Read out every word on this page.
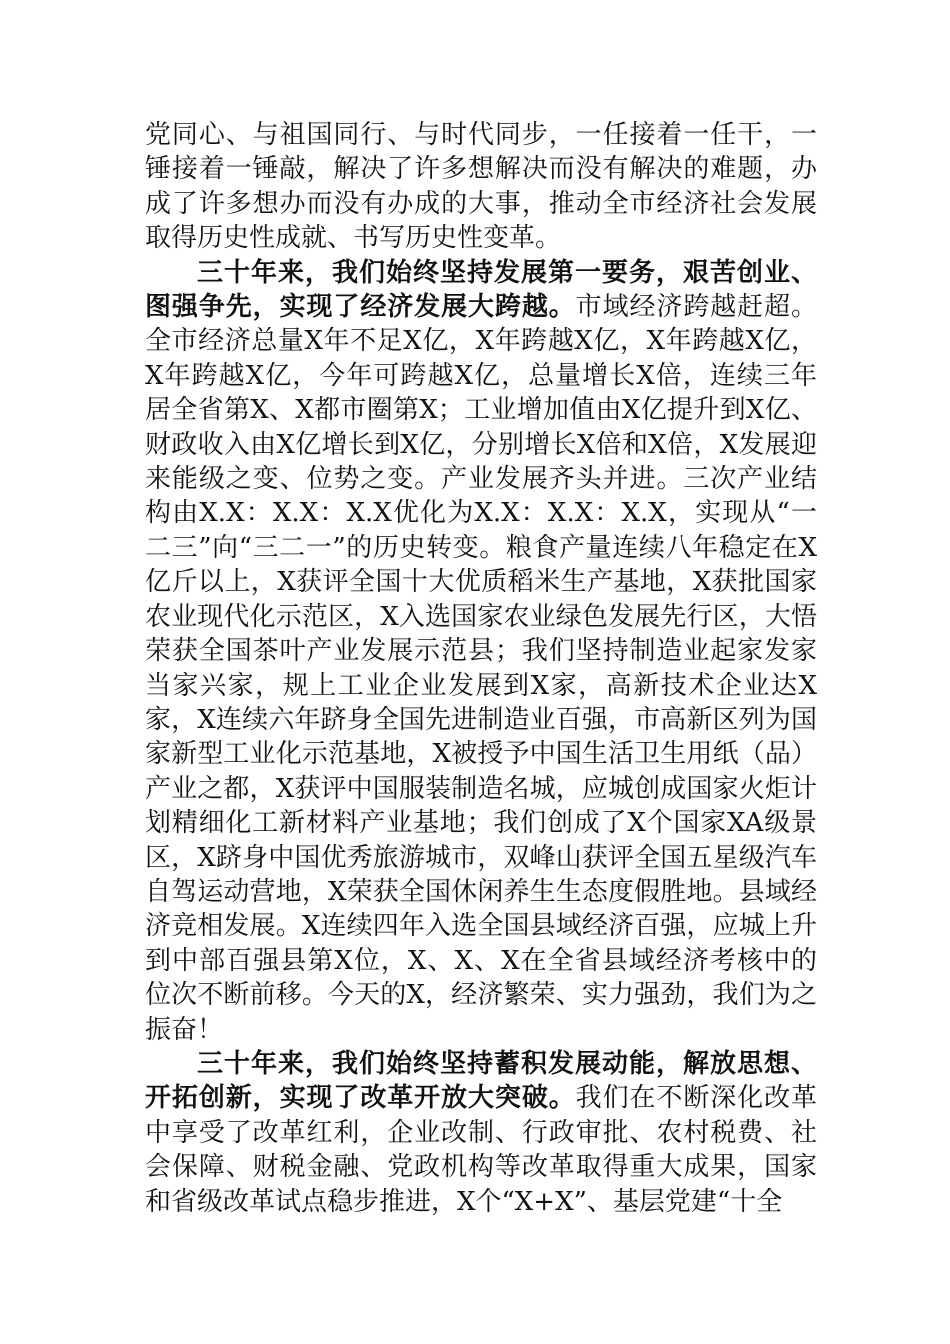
党同心、与祖国同行、与时代同步，一任接着一任干，一锤接着一锤敲，解决了许多想解决而没有解决的难题，办成了许多想办而没有办成的大事，推动全市经济社会发展取得历史性成就、书写历史性变革。

三十年来，我们始终坚持发展第一要务，艰苦创业、图强争先，实现了经济发展大跨越。市域经济跨越赶超。全市经济总量X年不足X亿，X年跨越X亿，X年跨越X亿，X年跨越X亿，今年可跨越X亿，总量增长X倍，连续三年居全省第X、X都市圈第X；工业增加值由X亿提升到X亿、财政收入由X亿增长到X亿，分别增长X倍和X倍，X发展迎来能级之变、位势之变。产业发展齐头并进。三次产业结构由X.X：X.X：X.X优化为X.X：X.X：X.X，实现从“一二三”向“三二一”的历史转变。粮食产量连续八年稳定在X亿斤以上，X获评全国十大优质稻米生产基地，X获批国家农业现代化示范区，X入选国家农业绿色发展先行区，大悟荣获全国茶叶产业发展示范县；我们坚持制造业起家发家当家兴家，规上工业企业发展到X家，高新技术企业达X家，X连续六年跻身全国先进制造业百强，市高新区列为国家新型工业化示范基地，X被授予中国生活卫生用纸（品）产业之都，X获评中国服装制造名城，应城创成国家火炬计划精细化工新材料产业基地；我们创成了X个国家XA级景区，X跻身中国优秀旅游城市，双峰山获评全国五星级汽车自驾运动营地，X荣获全国休闲养生生态度假胜地。县域经济竞相发展。X连续四年入选全国县域经济百强，应城上升到中部百强县第X位，X、X、X在全省县域经济考核中的位次不断前移。今天的X，经济繁荣、实力强劲，我们为之振奋！

三十年来，我们始终坚持蓄积发展动能，解放思想、开拓创新，实现了改革开放大突破。我们在不断深化改革中享受了改革红利，企业改制、行政审批、农村税费、社会保障、财税金融、党政机构等改革取得重大成果，国家和省级改革试点稳步推进，X个“X+X”、基层党建“十全
